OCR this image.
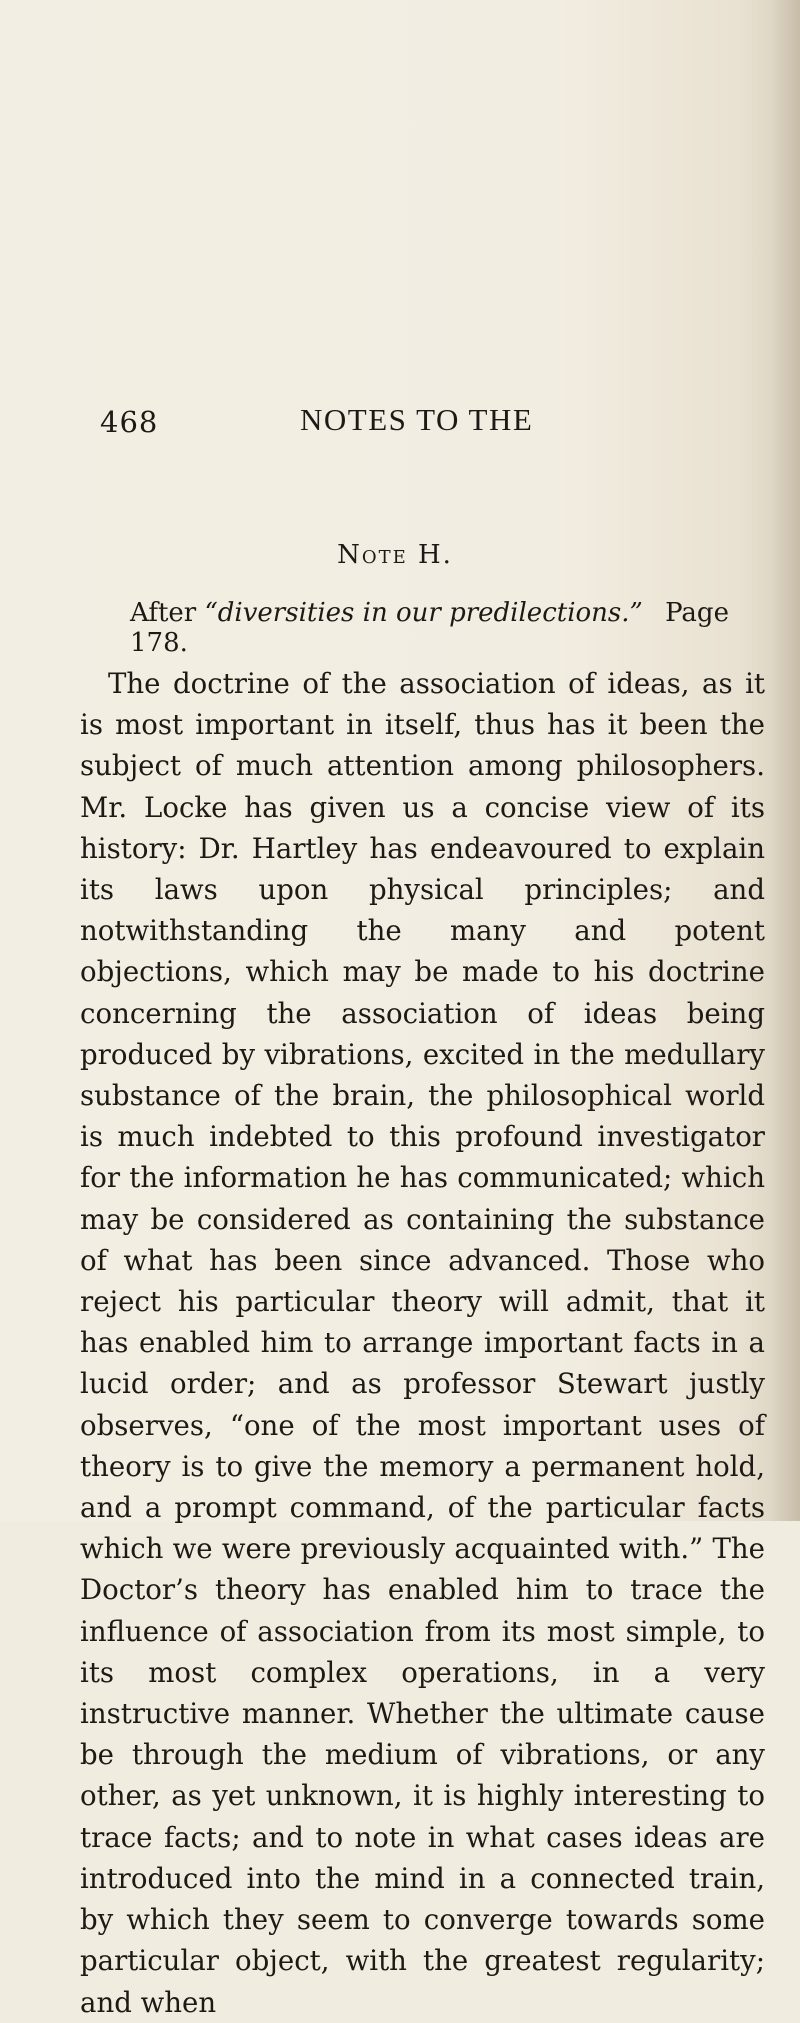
468	NOTES TO THE
Note H.
After “diversities in our predilections.” Page 178.
The doctrine of the association of ideas, as it is most important in itself, thus has it been the subject of much attention among philosophers. Mr. Locke has given us a concise view of its history: Dr. Hartley has endeavoured to explain its laws upon physical principles; and notwithstanding the many and potent objections, which may be made to his doctrine concerning the association of ideas being produced by vibrations, excited in the medullary substance of the brain, the philosophical world is much indebted to this profound investigator for the information he has communicated; which may be considered as containing the substance of what has been since advanced. Those who reject his particular theory will admit, that it has enabled him to arrange important facts in a lucid order; and as professor Stewart justly observes, “one of the most important uses of theory is to give the memory a permanent hold, and a prompt command, of the particular facts which we were previously acquainted with.” The Doctor’s theory has enabled him to trace the influence of association from its most simple, to its most complex operations, in a very instructive manner. Whether the ultimate cause be through the medium of vibrations, or any other, as yet unknown, it is highly interesting to trace facts; and to note in what cases ideas are introduced into the mind in a connected train, by which they seem to converge towards some particular object, with the greatest regularity; and when
